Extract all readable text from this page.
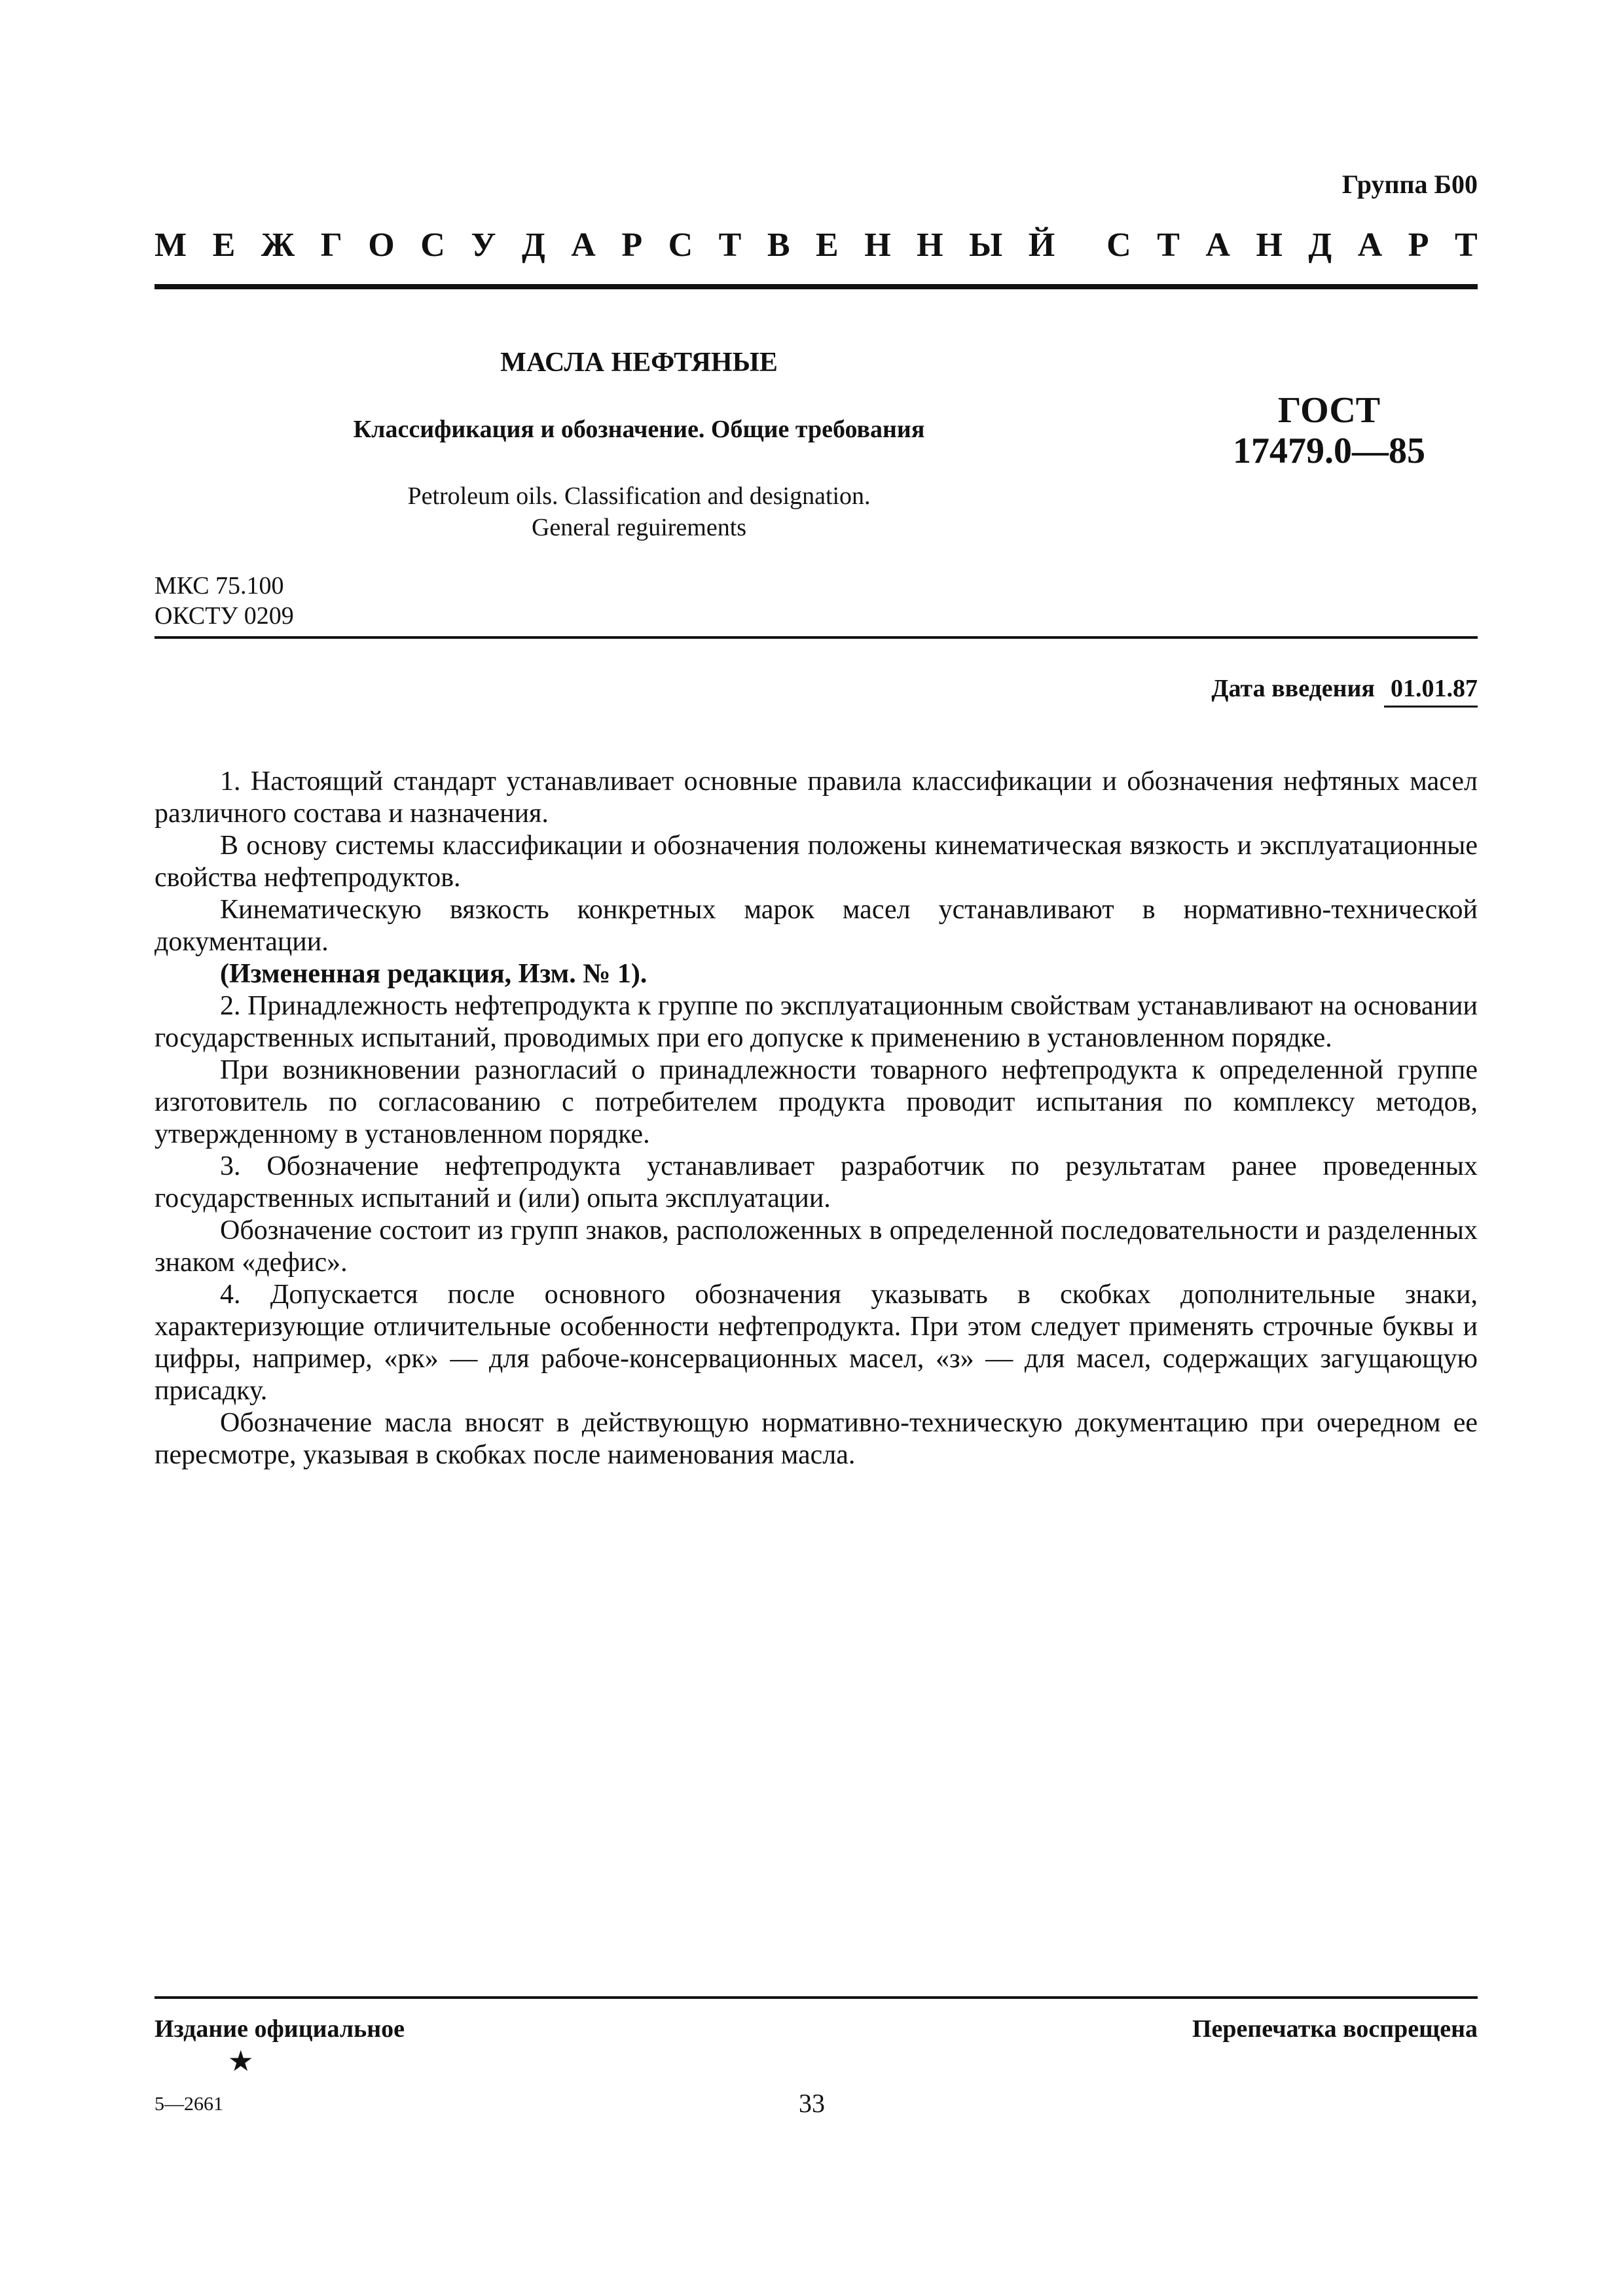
Группа Б00
М Е Ж Г О С У Д А Р С Т В Е Н Н Ы Й С Т А Н Д А Р Т
МАСЛА НЕФТЯНЫЕ
Классификация и обозначение. Общие требования
Petroleum oils. Classification and designation.
General reguirements
ГОСТ
17479.0—85
МКС 75.100
ОКСТУ 0209
Дата введения 01.01.87

1. Настоящий стандарт устанавливает основные правила классификации и обозначения нефтяных масел различного состава и назначения.

В основу системы классификации и обозначения положены кинематическая вязкость и эксплуатационные свойства нефтепродуктов.

Кинематическую вязкость конкретных марок масел устанавливают в нормативно-технической документации.

(Измененная редакция, Изм. № 1).

2. Принадлежность нефтепродукта к группе по эксплуатационным свойствам устанавливают на основании государственных испытаний, проводимых при его допуске к применению в установленном порядке.

При возникновении разногласий о принадлежности товарного нефтепродукта к определенной группе изготовитель по согласованию с потребителем продукта проводит испытания по комплексу методов, утвержденному в установленном порядке.

3. Обозначение нефтепродукта устанавливает разработчик по результатам ранее проведенных государственных испытаний и (или) опыта эксплуатации.

Обозначение состоит из групп знаков, расположенных в определенной последовательности и разделенных знаком «дефис».

4. Допускается после основного обозначения указывать в скобках дополнительные знаки, характеризующие отличительные особенности нефтепродукта. При этом следует применять строчные буквы и цифры, например, «рк» — для рабоче-консервационных масел, «з» — для масел, содержащих загущающую присадку.

Обозначение масла вносят в действующую нормативно-техническую документацию при очередном ее пересмотре, указывая в скобках после наименования масла.

Издание официальное
★
Перепечатка воспрещена
5—2661	33
